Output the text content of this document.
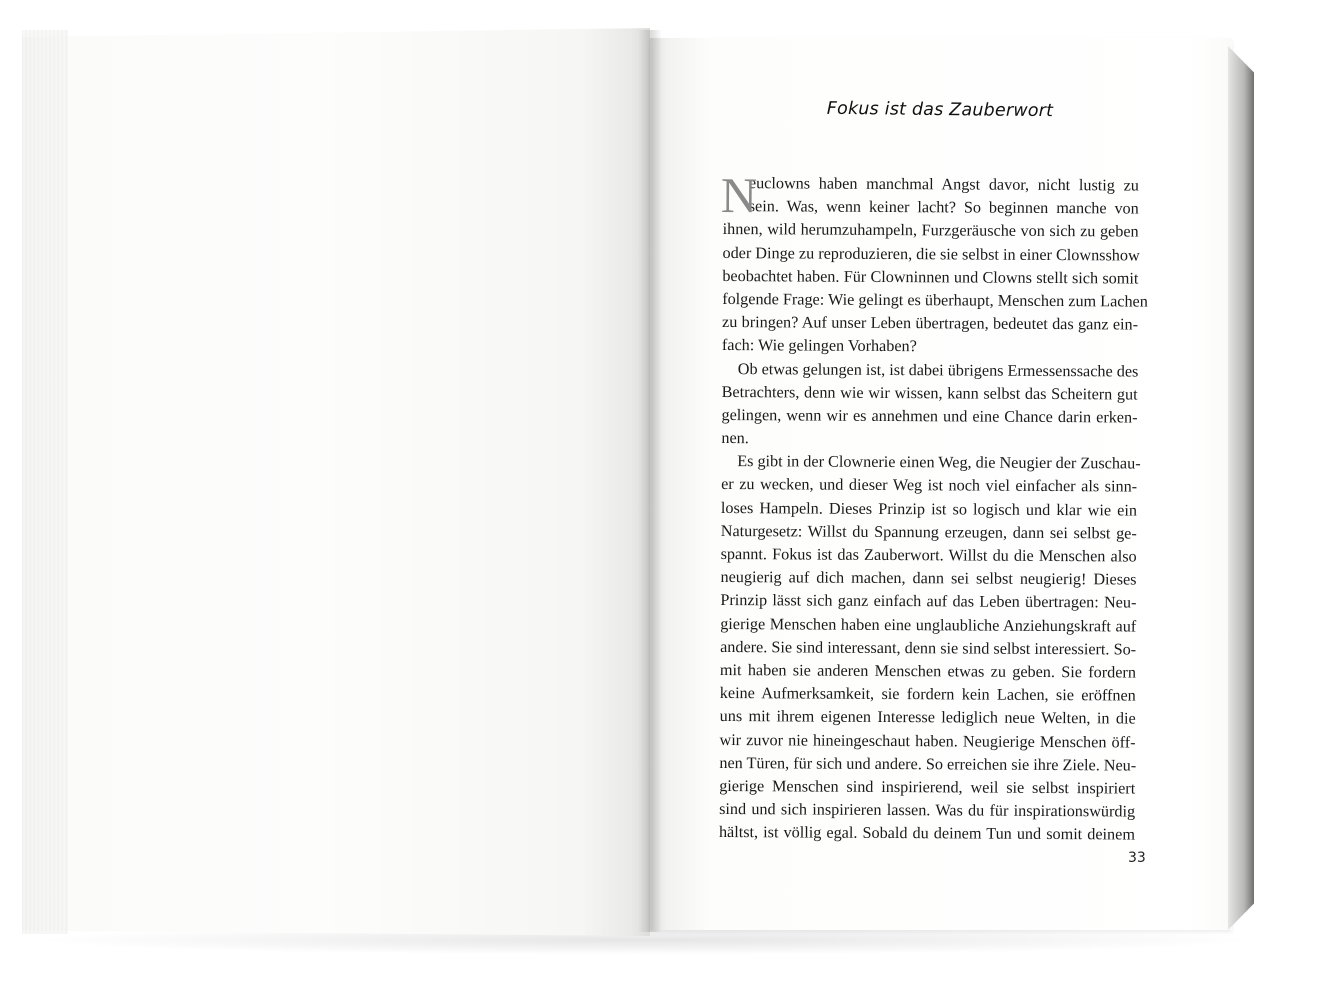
Fokus ist das Zauberwort
N
euclowns haben manchmal Angst davor, nicht lustig zu
sein. Was, wenn keiner lacht? So beginnen manche von
ihnen, wild herumzuhampeln, Furzgeräusche von sich zu geben
oder Dinge zu reproduzieren, die sie selbst in einer Clownsshow
beobachtet haben. Für Clowninnen und Clowns stellt sich somit
folgende Frage: Wie gelingt es überhaupt, Menschen zum Lachen
zu bringen? Auf unser Leben übertragen, bedeutet das ganz ein-
fach: Wie gelingen Vorhaben?
Ob etwas gelungen ist, ist dabei übrigens Ermessenssache des
Betrachters, denn wie wir wissen, kann selbst das Scheitern gut
gelingen, wenn wir es annehmen und eine Chance darin erken-
nen.
Es gibt in der Clownerie einen Weg, die Neugier der Zuschau-
er zu wecken, und dieser Weg ist noch viel einfacher als sinn-
loses Hampeln. Dieses Prinzip ist so logisch und klar wie ein
Naturgesetz: Willst du Spannung erzeugen, dann sei selbst ge-
spannt. Fokus ist das Zauberwort. Willst du die Menschen also
neugierig auf dich machen, dann sei selbst neugierig! Dieses
Prinzip lässt sich ganz einfach auf das Leben übertragen: Neu-
gierige Menschen haben eine unglaubliche Anziehungskraft auf
andere. Sie sind interessant, denn sie sind selbst interessiert. So-
mit haben sie anderen Menschen etwas zu geben. Sie fordern
keine Aufmerksamkeit, sie fordern kein Lachen, sie eröffnen
uns mit ihrem eigenen Interesse lediglich neue Welten, in die
wir zuvor nie hineingeschaut haben. Neugierige Menschen öff-
nen Türen, für sich und andere. So erreichen sie ihre Ziele. Neu-
gierige Menschen sind inspirierend, weil sie selbst inspiriert
sind und sich inspirieren lassen. Was du für inspirationswürdig
hältst, ist völlig egal. Sobald du deinem Tun und somit deinem
33
